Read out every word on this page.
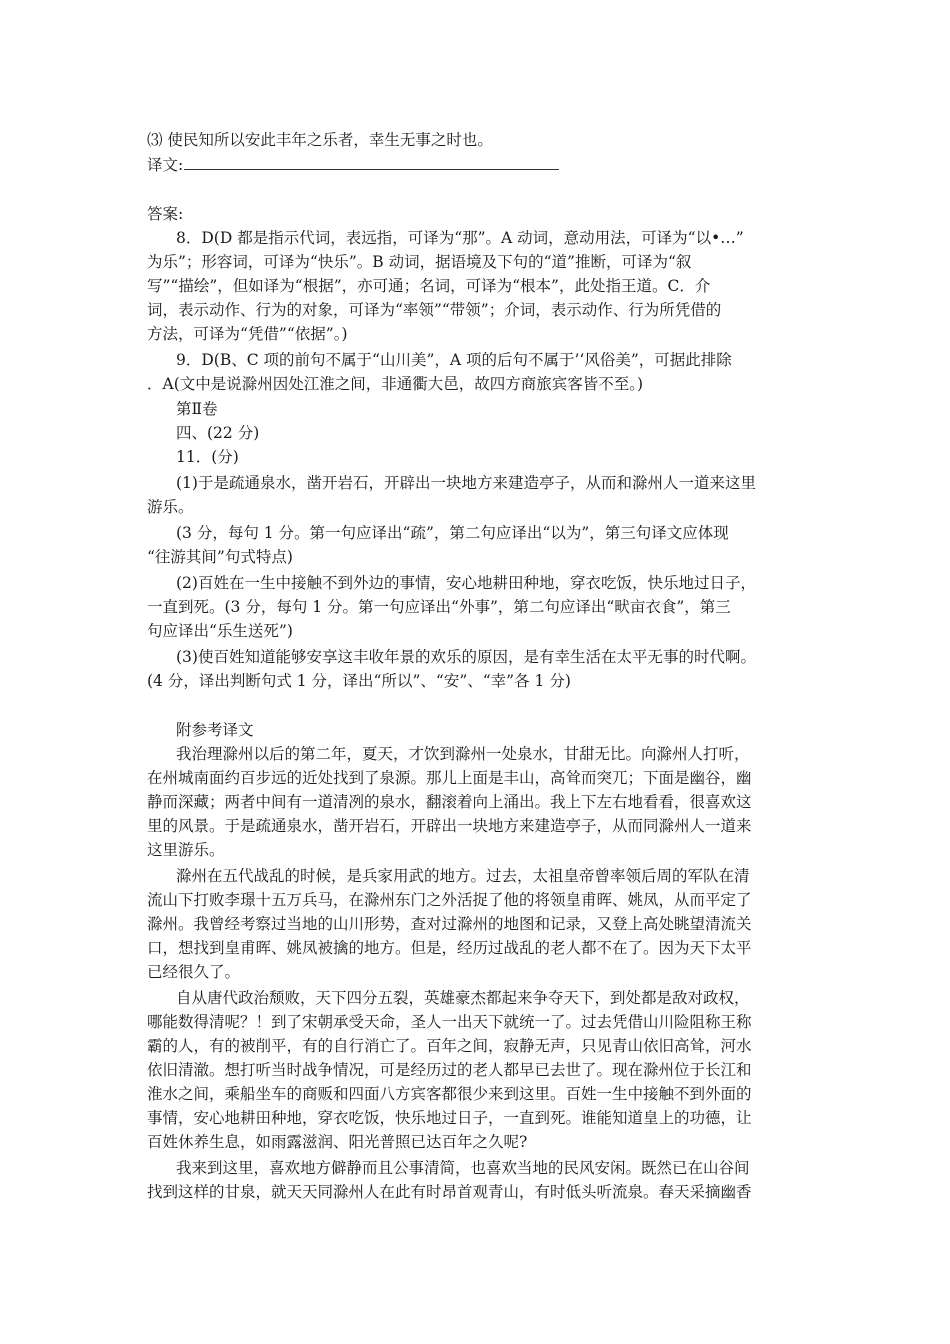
⑶ 使民知所以安此丰年之乐者，幸生无事之时也。
译文:
答案:
8．D(D 都是指示代词，表远指，可译为“那”。A 动词，意动用法，可译为“以•…”
为乐”；形容词，可译为“快乐”。B 动词，据语境及下句的“道”推断，可译为“叙
写”“描绘”，但如译为“根据”，亦可通；名词，可译为“根本”，此处指王道。C．介
词，表示动作、行为的对象，可译为“率领”“带领”；介词，表示动作、行为所凭借的
方法，可译为“凭借”“依据”。)
9．D(B、C 项的前句不属于“山川美”，A 项的后句不属于’‘风俗美”，可据此排除
．A(文中是说滁州因处江淮之间，非通衢大邑，故四方商旅宾客皆不至。)
第Ⅱ卷
四、(22 分)
11．(分)
(1)于是疏通泉水，凿开岩石，开辟出一块地方来建造亭子，从而和滁州人一道来这里
游乐。
(3 分，每句 1 分。第一句应译出“疏”，第二句应译出“以为”，第三句译文应体现
“往游其间”句式特点)
(2)百姓在一生中接触不到外边的事情，安心地耕田种地，穿衣吃饭，快乐地过日子，
一直到死。(3 分，每句 1 分。第一句应译出“外事”，第二句应译出“畎亩衣食”，第三
句应译出“乐生送死”)
(3)使百姓知道能够安享这丰收年景的欢乐的原因，是有幸生活在太平无事的时代啊。
(4 分，译出判断句式 1 分，译出“所以”、“安”、“幸”各 1 分)
附参考译文
我治理滁州以后的第二年，夏天，才饮到滁州一处泉水，甘甜无比。向滁州人打听，
在州城南面约百步远的近处找到了泉源。那儿上面是丰山，高耸而突兀；下面是幽谷，幽
静而深藏；两者中间有一道清冽的泉水，翻滚着向上涌出。我上下左右地看看，很喜欢这
里的风景。于是疏通泉水，凿开岩石，开辟出一块地方来建造亭子，从而同滁州人一道来
这里游乐。
滁州在五代战乱的时候，是兵家用武的地方。过去，太祖皇帝曾率领后周的军队在清
流山下打败李璟十五万兵马，在滁州东门之外活捉了他的将领皇甫晖、姚凤，从而平定了
滁州。我曾经考察过当地的山川形势，查对过滁州的地图和记录，又登上高处眺望清流关
口，想找到皇甫晖、姚凤被擒的地方。但是，经历过战乱的老人都不在了。因为天下太平
已经很久了。
自从唐代政治颓败，天下四分五裂，英雄豪杰都起来争夺天下，到处都是敌对政权，
哪能数得清呢？！到了宋朝承受天命，圣人一出天下就统一了。过去凭借山川险阻称王称
霸的人，有的被削平，有的自行消亡了。百年之间，寂静无声，只见青山依旧高耸，河水
依旧清澈。想打听当时战争情况，可是经历过的老人都早已去世了。现在滁州位于长江和
淮水之间，乘船坐车的商贩和四面八方宾客都很少来到这里。百姓一生中接触不到外面的
事情，安心地耕田种地，穿衣吃饭，快乐地过日子，一直到死。谁能知道皇上的功德，让
百姓休养生息，如雨露滋润、阳光普照已达百年之久呢?
我来到这里，喜欢地方僻静而且公事清简，也喜欢当地的民风安闲。既然已在山谷间
找到这样的甘泉，就天天同滁州人在此有时昂首观青山，有时低头听流泉。春天采摘幽香
